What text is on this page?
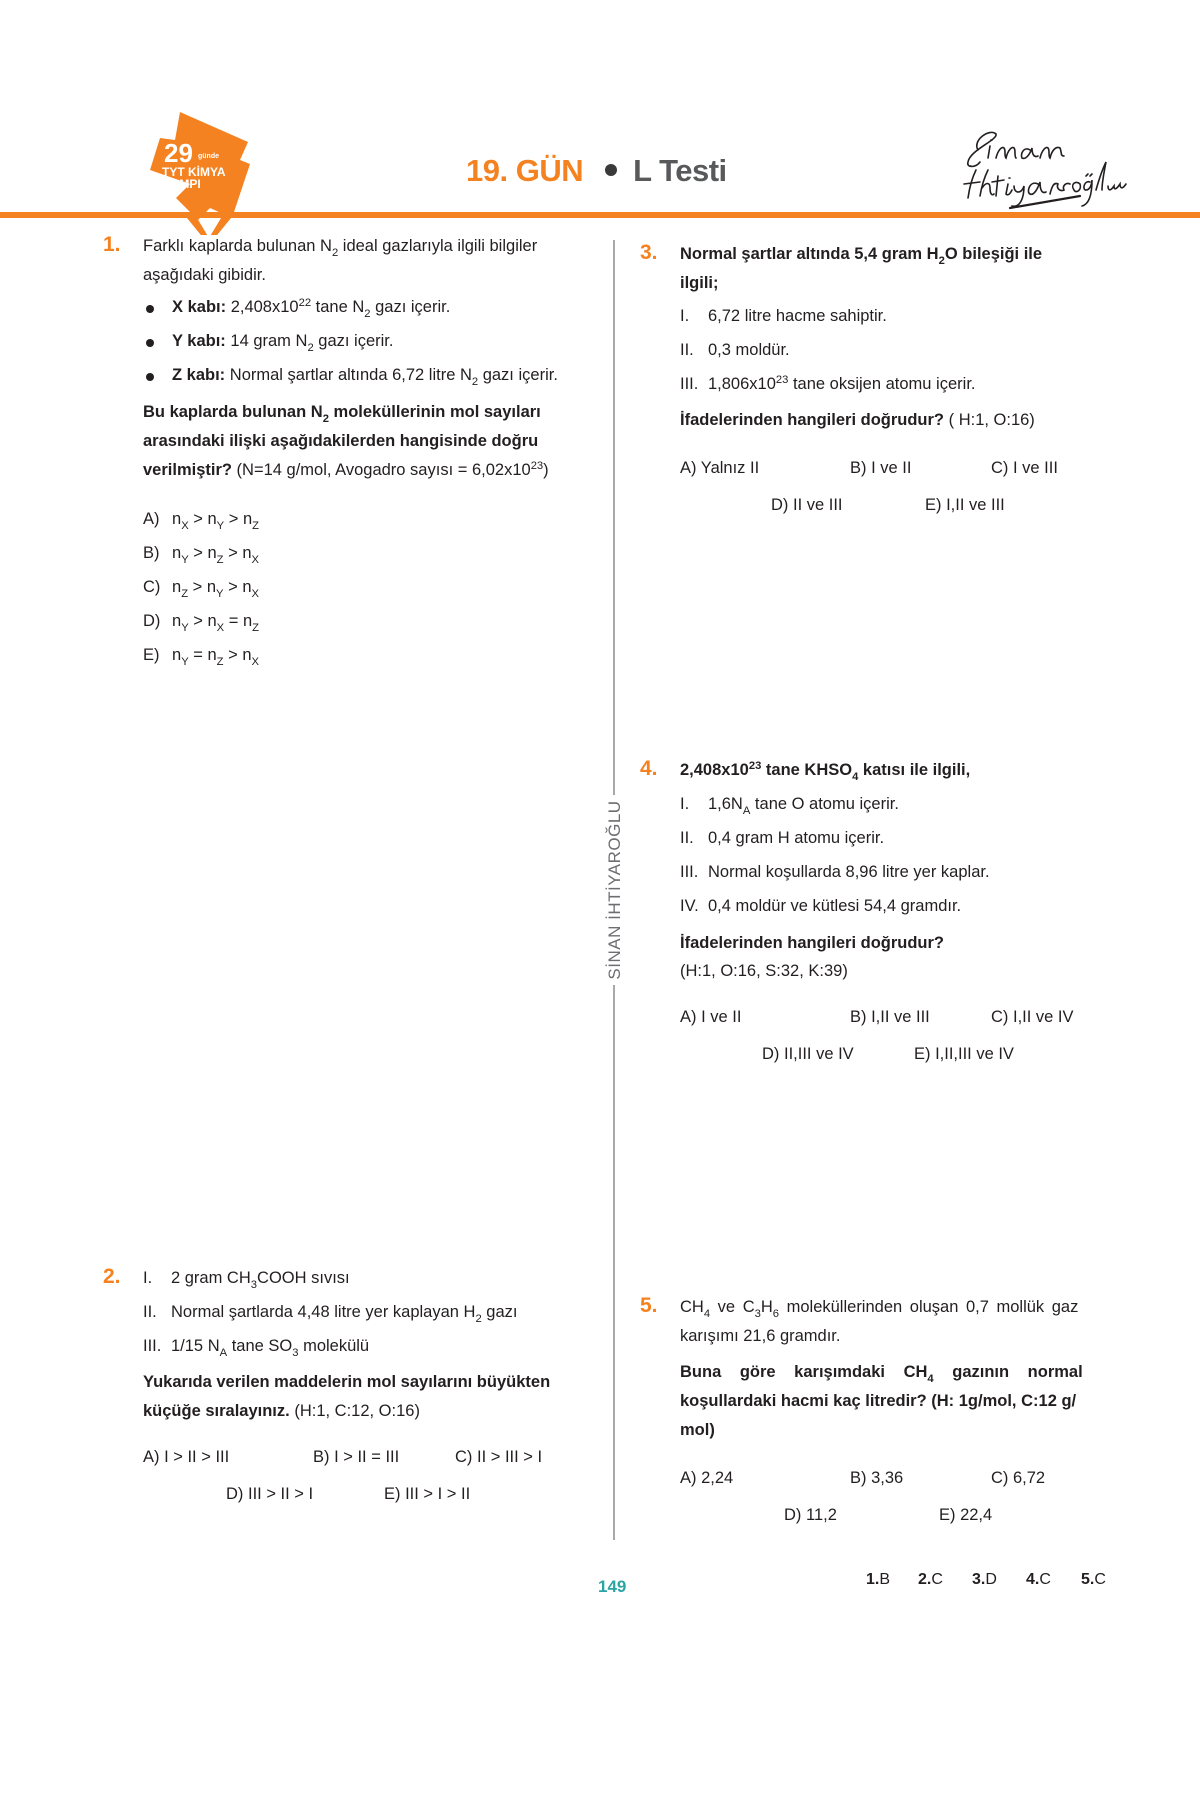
29 günde
TYT KİMYA
KAMPI	19. GÜN L Testi
SİNAN İHTİYAROĞLU
1. Farklı kaplarda bulunan $N_2$ ideal gazlarıyla ilgili bilgiler
aşağıdaki gibidir.
X kabı: $2,408x10^{22}$ tane $N_2$ gazı içerir.
Y kabı: 14 gram $N_2$ gazı içerir.
Z kabı: Normal şartlar altında 6,72 litre $N_2$ gazı içerir.
Bu kaplarda bulunan $N_2$ moleküllerinin mol sayıları
arasındaki ilişki aşağıdakilerden hangisinde doğru
verilmiştir? (N=14 g/mol, Avogadro sayısı = $6,02x10^{23}$)
A) $n_X > n_Y > n_Z$
B) $n_Y > n_Z > n_X$
C) $n_Z > n_Y > n_X$
D) $n_Y > n_X = n_Z$
E) $n_Y = n_Z > n_X$
3. Normal şartlar altında 5,4 gram $H_2O$ bileşiği ile
ilgili;
I. 6,72 litre hacme sahiptir.
II. 0,3 moldür.
III. $1,806x10^{23}$ tane oksijen atomu içerir.
İfadelerinden hangileri doğrudur? ( H:1, O:16)
A) Yalnız II	B) I ve II	C) I ve III
D) II ve III	E) I,II ve III
4. $2,408x10^{23}$ tane $KHSO_4$ katısı ile ilgili,
I. $1,6N_A$ tane O atomu içerir.
II. 0,4 gram H atomu içerir.
III. Normal koşullarda 8,96 litre yer kaplar.
IV. 0,4 moldür ve kütlesi 54,4 gramdır.
İfadelerinden hangileri doğrudur?
(H:1, O:16, S:32, K:39)
A) I ve II	B) I,II ve III	C) I,II ve IV
D) II,III ve IV	E) I,II,III ve IV
2. I. 2 gram $CH_3COOH$ sıvısı
II. Normal şartlarda 4,48 litre yer kaplayan $H_2$ gazı
III. 1/15 $N_A$ tane $SO_3$ molekülü
Yukarıda verilen maddelerin mol sayılarını büyükten
küçüğe sıralayınız. (H:1, C:12, O:16)
A) I > II > III	B) I > II = III	C) II > III > I
D) III > II > I	E) III > I > II
5. $CH_4$ ve $C_3H_6$ moleküllerinden oluşan 0,7 mollük gaz
karışımı 21,6 gramdır.
Buna göre karışımdaki $CH_4$ gazının normal
koşullardaki hacmi kaç litredir? (H: 1g/mol, C:12 g/
mol)
A) 2,24	B) 3,36	C) 6,72
D) 11,2	E) 22,4
149	1. B 2. C 3. D 4. C 5. C
